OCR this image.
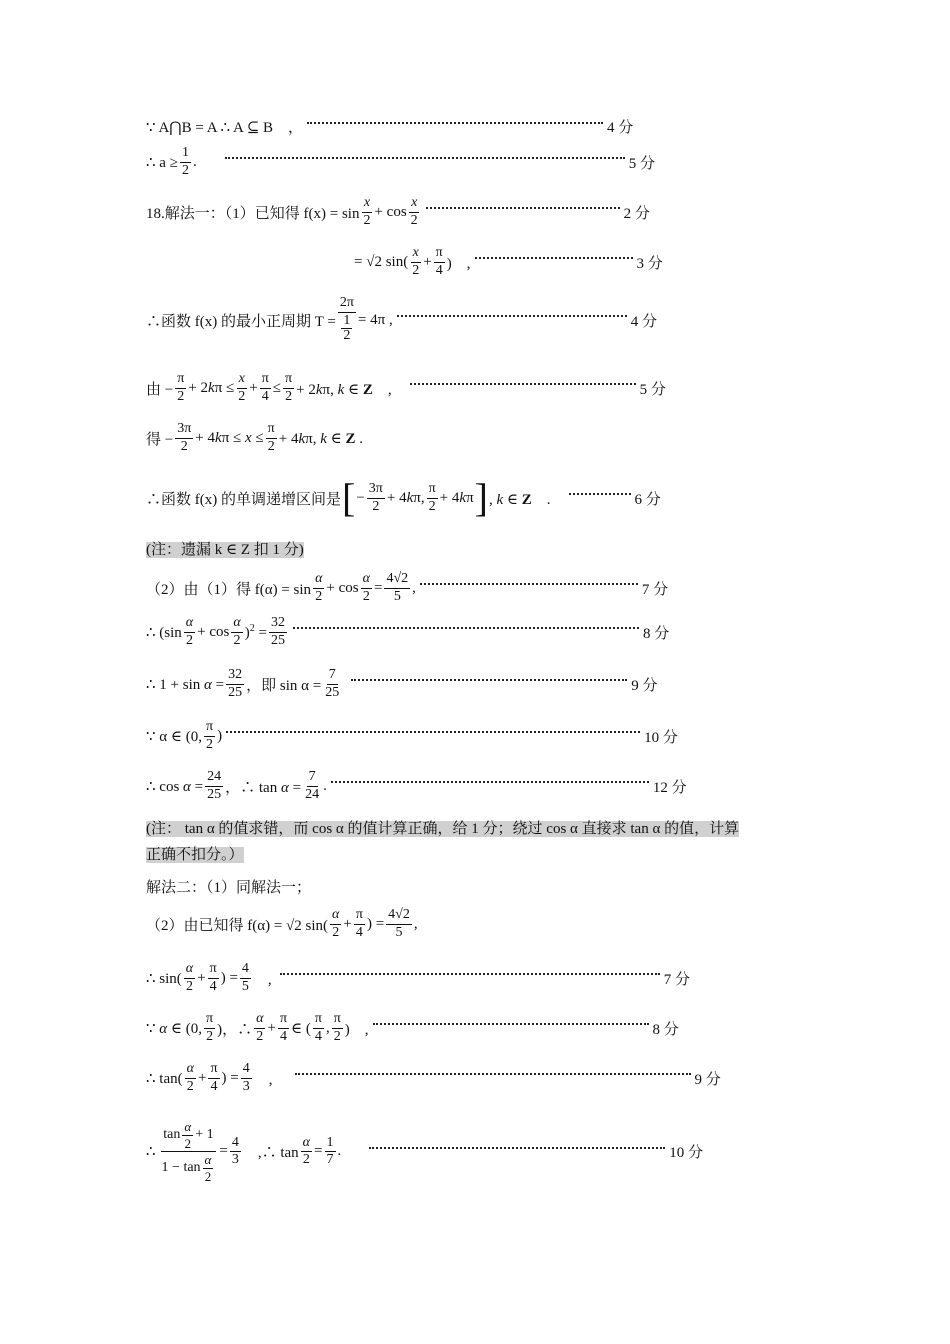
∵ A⋂B = A ∴ A ⊆ B　，	4 分
∴ $a \ge \frac{1}{2}$ .	5 分
18.解法一：（1）已知得 $f(x) = \sin \frac{x}{2} + \cos \frac{x}{2}$	2 分
= √2 $\sin( \frac{x}{2} + \frac{\pi}{4}$ )　,	3 分
∴函数 f(x) 的最小正周期 T = 2π
1
2 = 4π ,	4 分
由 − $\frac{\pi}{2} + 2k\pi \le \frac{x}{2} + \frac{\pi}{4} \le \frac{\pi}{2} + 2k\pi$, k ∈ Z　,	5 分
得 − $\frac{3\pi}{2} + 4k\pi \le x \le \frac{\pi}{2} + 4k\pi$, k ∈ Z .
∴函数 f(x) 的单调递增区间是 [ − $\frac{3\pi}{2} + 4k\pi$, $\frac{\pi}{2} + 4k\pi$ ] , k ∈ Z　.	6 分
(注：遗漏 k ∈ Z 扣 1 分)
（2）由（1）得 $f(\alpha) = \sin \frac{\alpha}{2} + \cos \frac{\alpha}{2} = \frac{4√2}{5}$ ,	7 分
∴ $(\sin \frac{\alpha}{2} + \cos \frac{\alpha}{2} )^2 = \frac{32}{25}$	8 分
∴ $1 + \sin \alpha = \frac{32}{25}$ ，即 $\sin \alpha = \frac{7}{25}$	9 分
∵ α ∈ (0, $\frac{\pi}{2}$ )	10 分
∴ $\cos \alpha = \frac{24}{25}$ ，∴ $\tan \alpha = \frac{7}{24}$ .	12 分
(注： tan α 的值求错，而 cos α 的值计算正确，给 1 分；绕过 cos α 直接求 tan α 的值，计算
正确不扣分。）
解法二：（1）同解法一；
（2）由已知得 f(α) = √2 $\sin( \frac{\alpha}{2} + \frac{\pi}{4}$ ) = $\frac{4√2}{5}$ ,
∴ $\sin( \frac{\alpha}{2} + \frac{\pi}{4}$ ) = $\frac{4}{5}$ 　,	7 分
∵ α ∈ (0, $\frac{\pi}{2}$ )，∴ $\frac{\alpha}{2} + \frac{\pi}{4}$ ∈ ( $\frac{\pi}{4}$ , $\frac{\pi}{2}$ )　,	8 分
∴ $\tan( \frac{\alpha}{2} + \frac{\pi}{4}$ ) = $\frac{4}{3}$ 　,	9 分
∴ $\frac{\tan \frac{\alpha}{2} + 1}{1 - \tan \frac{\alpha}{2}} = \frac{4}{3}$ 　,∴ $\tan \frac{\alpha}{2} = \frac{1}{7}$ .	10 分
